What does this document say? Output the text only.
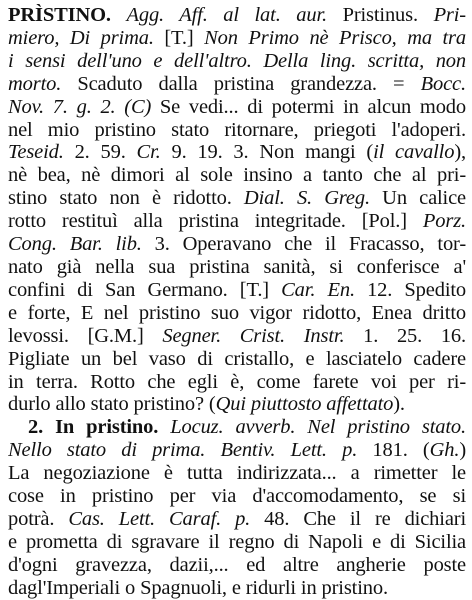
PRÌSTINO. Agg. Aff. al lat. aur. Pristinus. Pri-
miero, Di prima. [T.] Non Primo nè Prisco, ma tra
i sensi dell'uno e dell'altro. Della ling. scritta, non
morto. Scaduto dalla pristina grandezza. = Bocc.
Nov. 7. g. 2. (C) Se vedi... di potermi in alcun modo
nel mio pristino stato ritornare, priegoti l'adoperi.
Teseid. 2. 59. Cr. 9. 19. 3. Non mangi (il cavallo),
nè bea, nè dimori al sole insino a tanto che al pri-
stino stato non è ridotto. Dial. S. Greg. Un calice
rotto restituì alla pristina integritade. [Pol.] Porz.
Cong. Bar. lib. 3. Operavano che il Fracasso, tor-
nato già nella sua pristina sanità, si conferisce a'
confini di San Germano. [T.] Car. En. 12. Spedito
e forte, E nel pristino suo vigor ridotto, Enea dritto
levossi. [G.M.] Segner. Crist. Instr. 1. 25. 16.
Pigliate un bel vaso di cristallo, e lasciatelo cadere
in terra. Rotto che egli è, come farete voi per ri-
durlo allo stato pristino? (Qui piuttosto affettato).
2. In pristino. Locuz. avverb. Nel pristino stato.
Nello stato di prima. Bentiv. Lett. p. 181. (Gh.)
La negoziazione è tutta indirizzata... a rimetter le
cose in pristino per via d'accomodamento, se si
potrà. Cas. Lett. Caraf. p. 48. Che il re dichiari
e prometta di sgravare il regno di Napoli e di Sicilia
d'ogni gravezza, dazii,... ed altre angherie poste
dagl'Imperiali o Spagnuoli, e ridurli in pristino.
